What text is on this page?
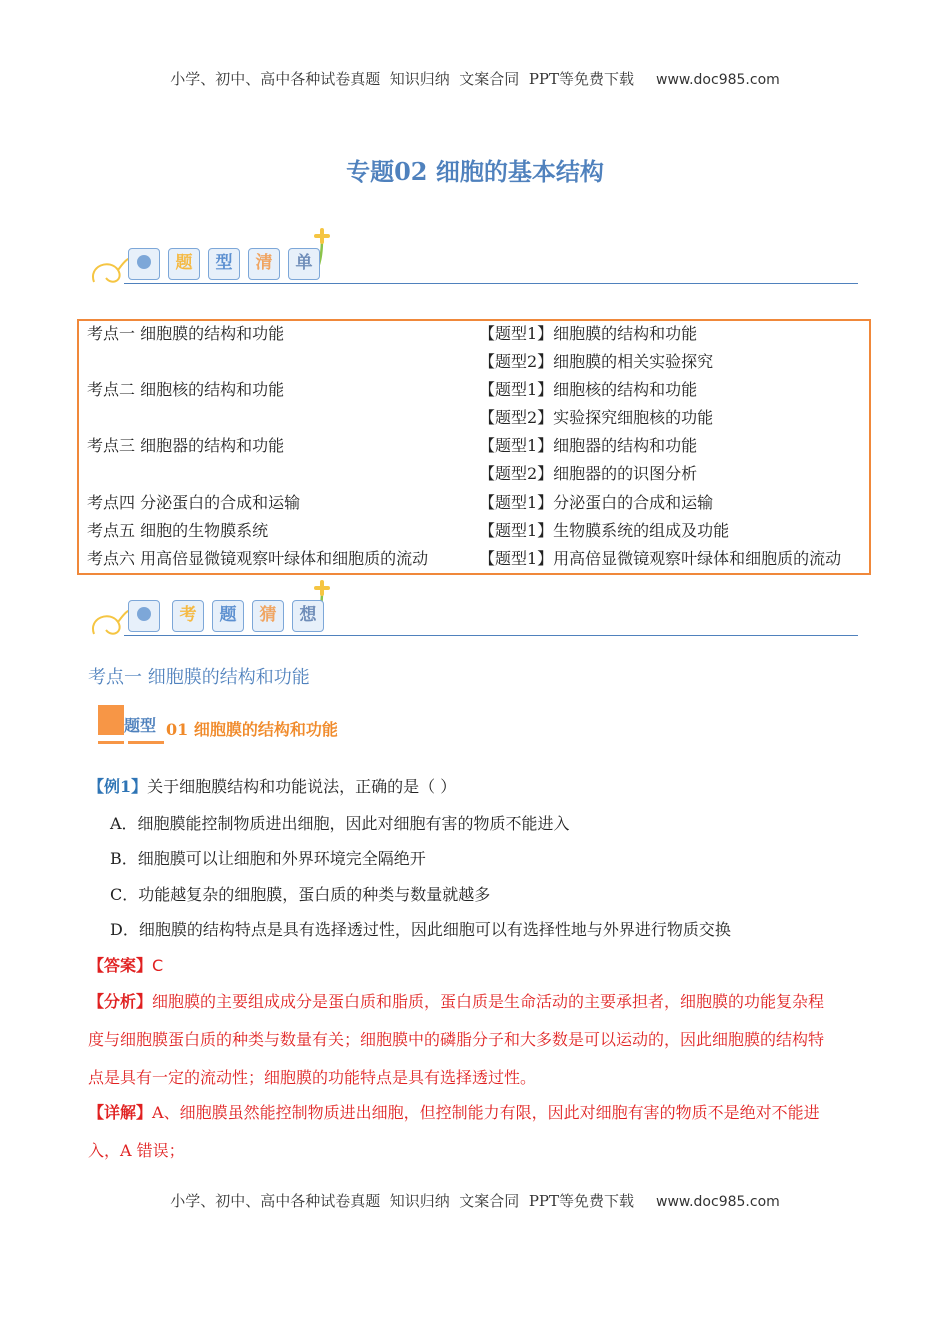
小学、初中、高中各种试卷真题  知识归纳  文案合同  PPT等免费下载 www.doc985.com
专题02 细胞的基本结构
题	型	清	单
考点一 细胞膜的结构和功能	【题型1】细胞膜的结构和功能
【题型2】细胞膜的相关实验探究
考点二 细胞核的结构和功能	【题型1】细胞核的结构和功能
【题型2】实验探究细胞核的功能
考点三 细胞器的结构和功能	【题型1】细胞器的结构和功能
【题型2】细胞器的的识图分析
考点四 分泌蛋白的合成和运输	【题型1】分泌蛋白的合成和运输
考点五 细胞的生物膜系统	【题型1】生物膜系统的组成及功能
考点六 用高倍显微镜观察叶绿体和细胞质的流动	【题型1】用高倍显微镜观察叶绿体和细胞质的流动
考	题	猜	想
考点一 细胞膜的结构和功能
题型 01 细胞膜的结构和功能
【例1】关于细胞膜结构和功能说法，正确的是（ ）
A．细胞膜能控制物质进出细胞，因此对细胞有害的物质不能进入
B．细胞膜可以让细胞和外界环境完全隔绝开
C．功能越复杂的细胞膜，蛋白质的种类与数量就越多
D．细胞膜的结构特点是具有选择透过性，因此细胞可以有选择性地与外界进行物质交换
【答案】C
【分析】细胞膜的主要组成成分是蛋白质和脂质，蛋白质是生命活动的主要承担者，细胞膜的功能复杂程
度与细胞膜蛋白质的种类与数量有关；细胞膜中的磷脂分子和大多数是可以运动的，因此细胞膜的结构特
点是具有一定的流动性；细胞膜的功能特点是具有选择透过性。
【详解】A、细胞膜虽然能控制物质进出细胞，但控制能力有限，因此对细胞有害的物质不是绝对不能进
入，A 错误；
小学、初中、高中各种试卷真题  知识归纳  文案合同  PPT等免费下载 www.doc985.com
